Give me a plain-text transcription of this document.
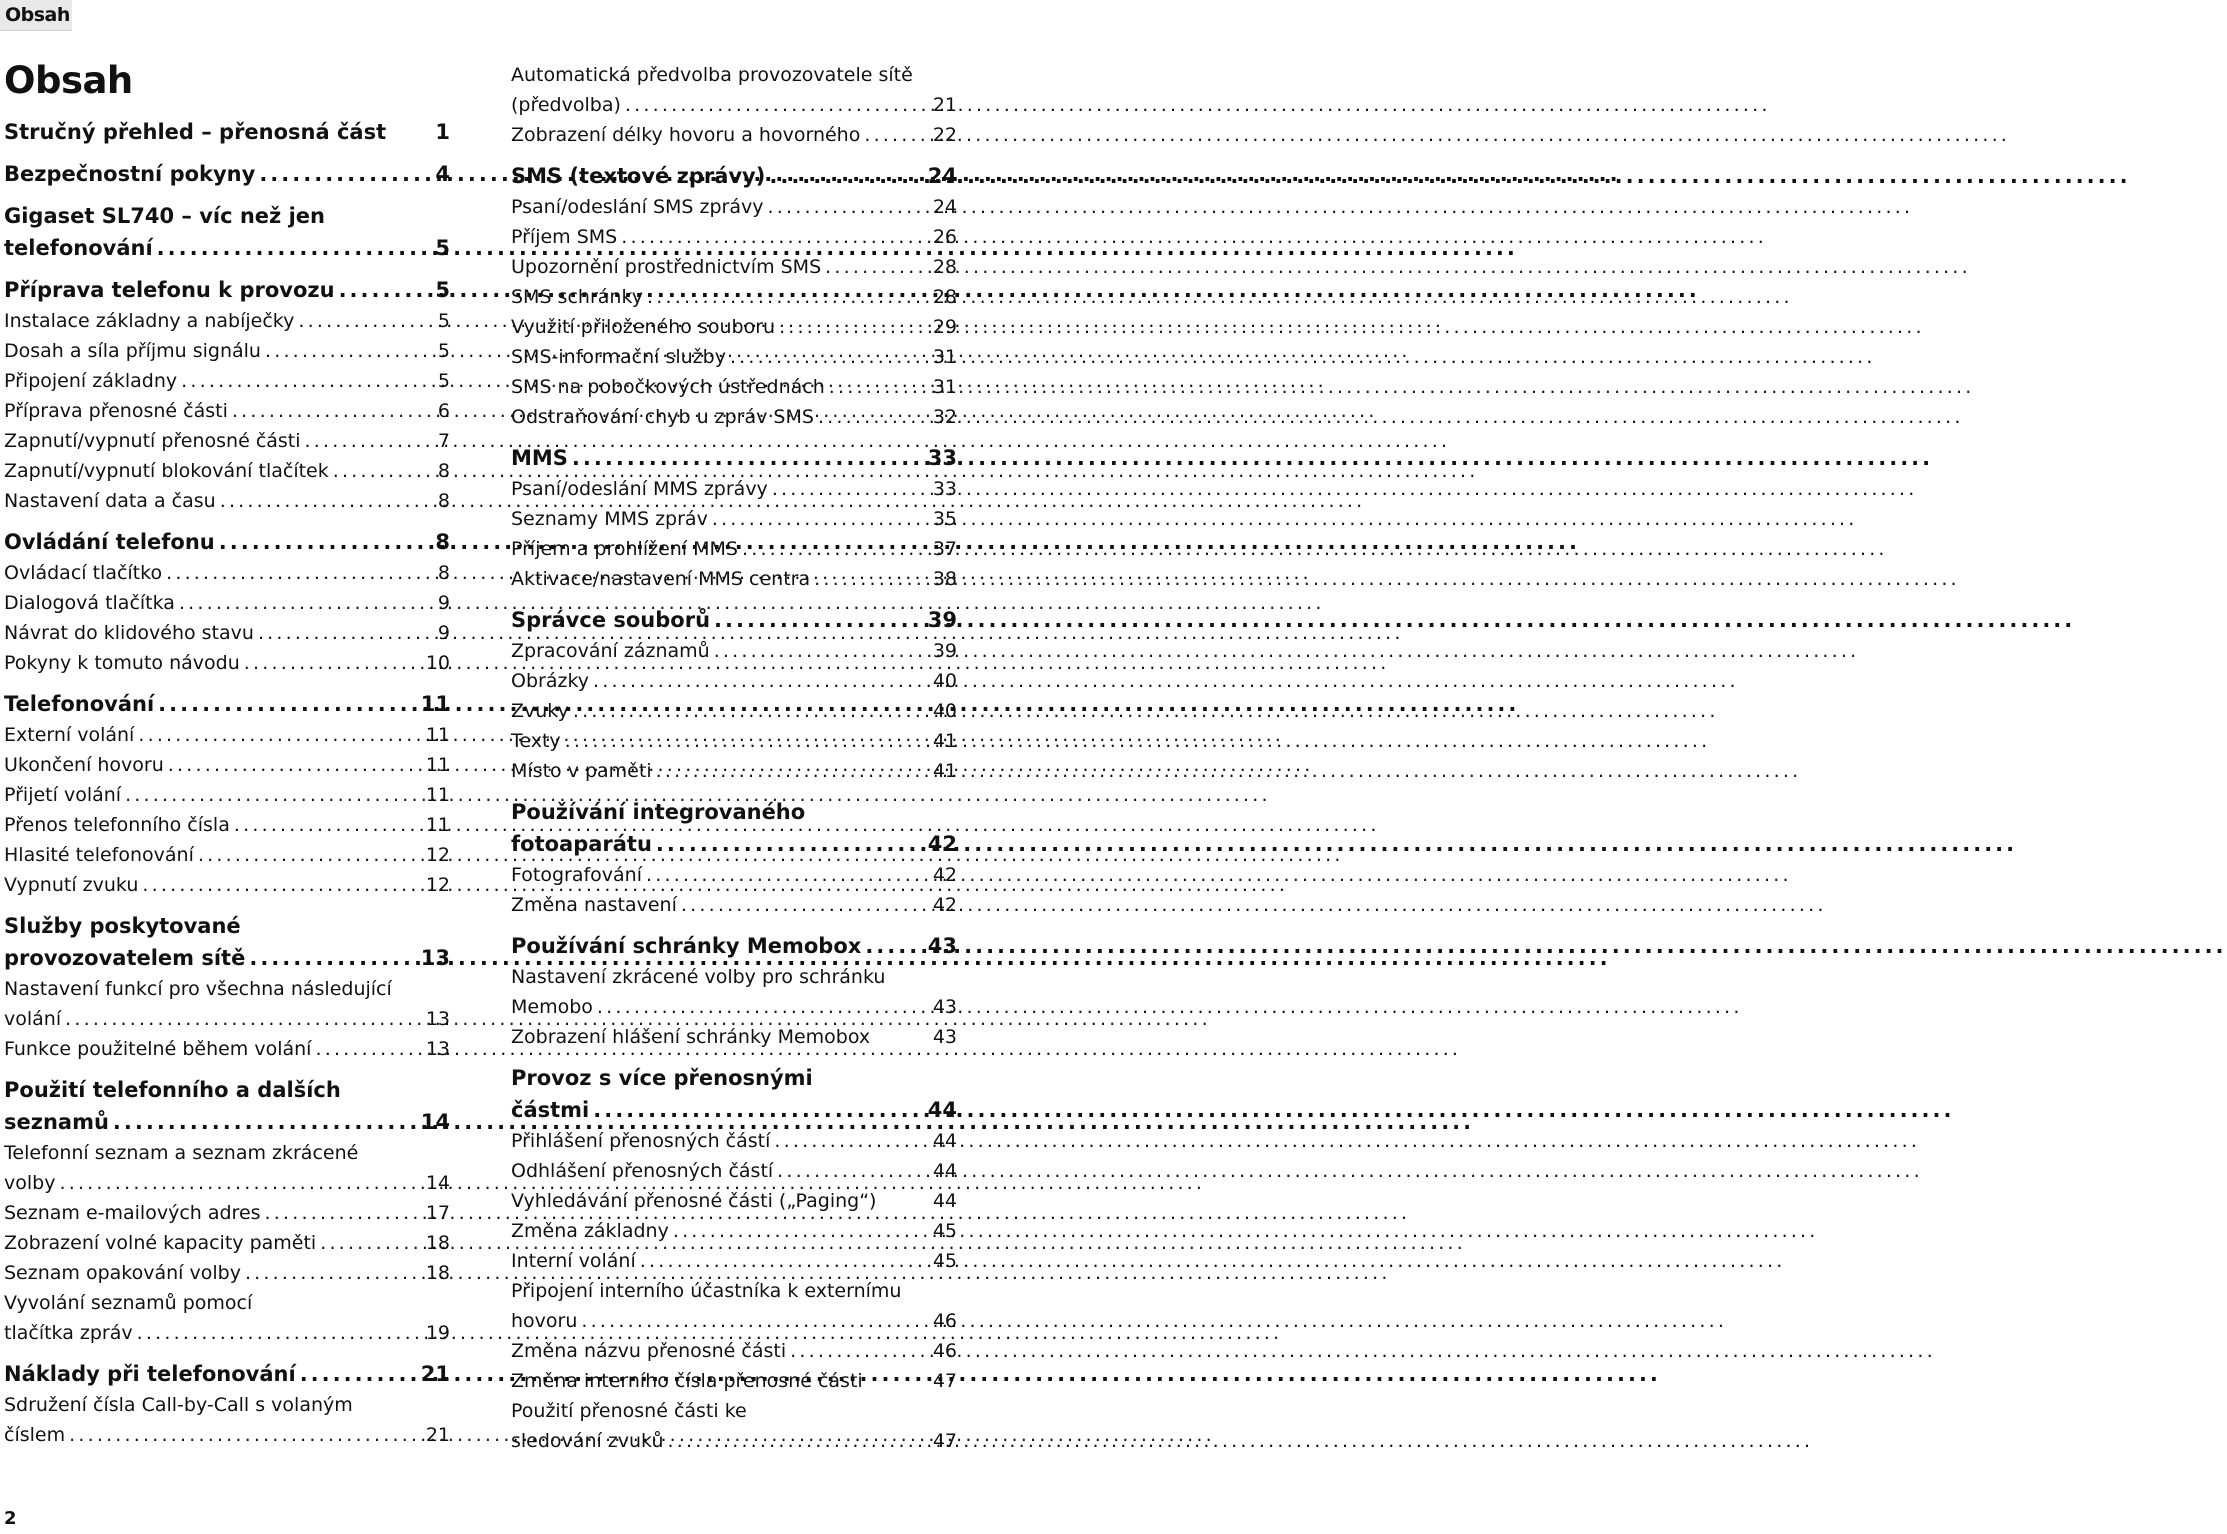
Obsah
Obsah
Stručný přehled – přenosná část 1
Bezpečnostní pokyny .....	4
Gigaset SL740 – víc než jen
telefonování .....	5
Příprava telefonu k provozu .....	5
Instalace základny a nabíječky .....	5
Dosah a síla příjmu signálu .....	5
Připojení základny .....	5
Příprava přenosné části .....	6
Zapnutí/vypnutí přenosné části .....	7
Zapnutí/vypnutí blokování tlačítek .....	8
Nastavení data a času .....	8
Ovládání telefonu .....	8
Ovládací tlačítko .....	8
Dialogová tlačítka .....	9
Návrat do klidového stavu .....	9
Pokyny k tomuto návodu .....	10
Telefonování .....	11
Externí volání .....	11
Ukončení hovoru .....	11
Přijetí volání .....	11
Přenos telefonního čísla .....	11
Hlasité telefonování .....	12
Vypnutí zvuku .....	12
Služby poskytované
provozovatelem sítě .....	13
Nastavení funkcí pro všechna následující
volání .....	13
Funkce použitelné během volání .....	13
Použití telefonního a dalších
seznamů .....	14
Telefonní seznam a seznam zkrácené
volby .....	14
Seznam e-mailových adres .....	17
Zobrazení volné kapacity paměti .....	18
Seznam opakování volby .....	18
Vyvolání seznamů pomocí
tlačítka zpráv .....	19
Náklady při telefonování .....	21
Sdružení čísla Call-by-Call s volaným
číslem .....	21
Automatická předvolba provozovatele sítě
(předvolba) .....	21
Zobrazení délky hovoru a hovorného .....	22
SMS (textové zprávy) .....	24
Psaní/odeslání SMS zprávy .....	24
Příjem SMS .....	26
Upozornění prostřednictvím SMS .....	28
SMS schránky .....	28
Využití přiloženého souboru .....	29
SMS-informační služby .....	31
SMS na pobočkových ústřednách .....	31
Odstraňování chyb u zpráv SMS .....	32
MMS .....	33
Psaní/odeslání MMS zprávy .....	33
Seznamy MMS zpráv .....	35
Příjem a prohlížení MMS .....	37
Aktivace/nastavení MMS centra .....	38
Správce souborů .....	39
Zpracování záznamů .....	39
Obrázky .....	40
Zvuky .....	40
Texty .....	41
Místo v paměti .....	41
Používání integrovaného
fotoaparátu .....	42
Fotografování .....	42
Změna nastavení .....	42
Používání schránky Memobox .....	43
Nastavení zkrácené volby pro schránku
Memobo .....	43
Zobrazení hlášení schránky Memobox	43
Provoz s více přenosnými
částmi .....	44
Přihlášení přenosných částí .....	44
Odhlášení přenosných částí .....	44
Vyhledávání přenosné části („Paging“)	44
Změna základny .....	45
Interní volání .....	45
Připojení interního účastníka k externímu
hovoru .....	46
Změna názvu přenosné části .....	46
Změna interního čísla přenosné části	47
Použití přenosné části ke
sledování zvuků .....	47
2
